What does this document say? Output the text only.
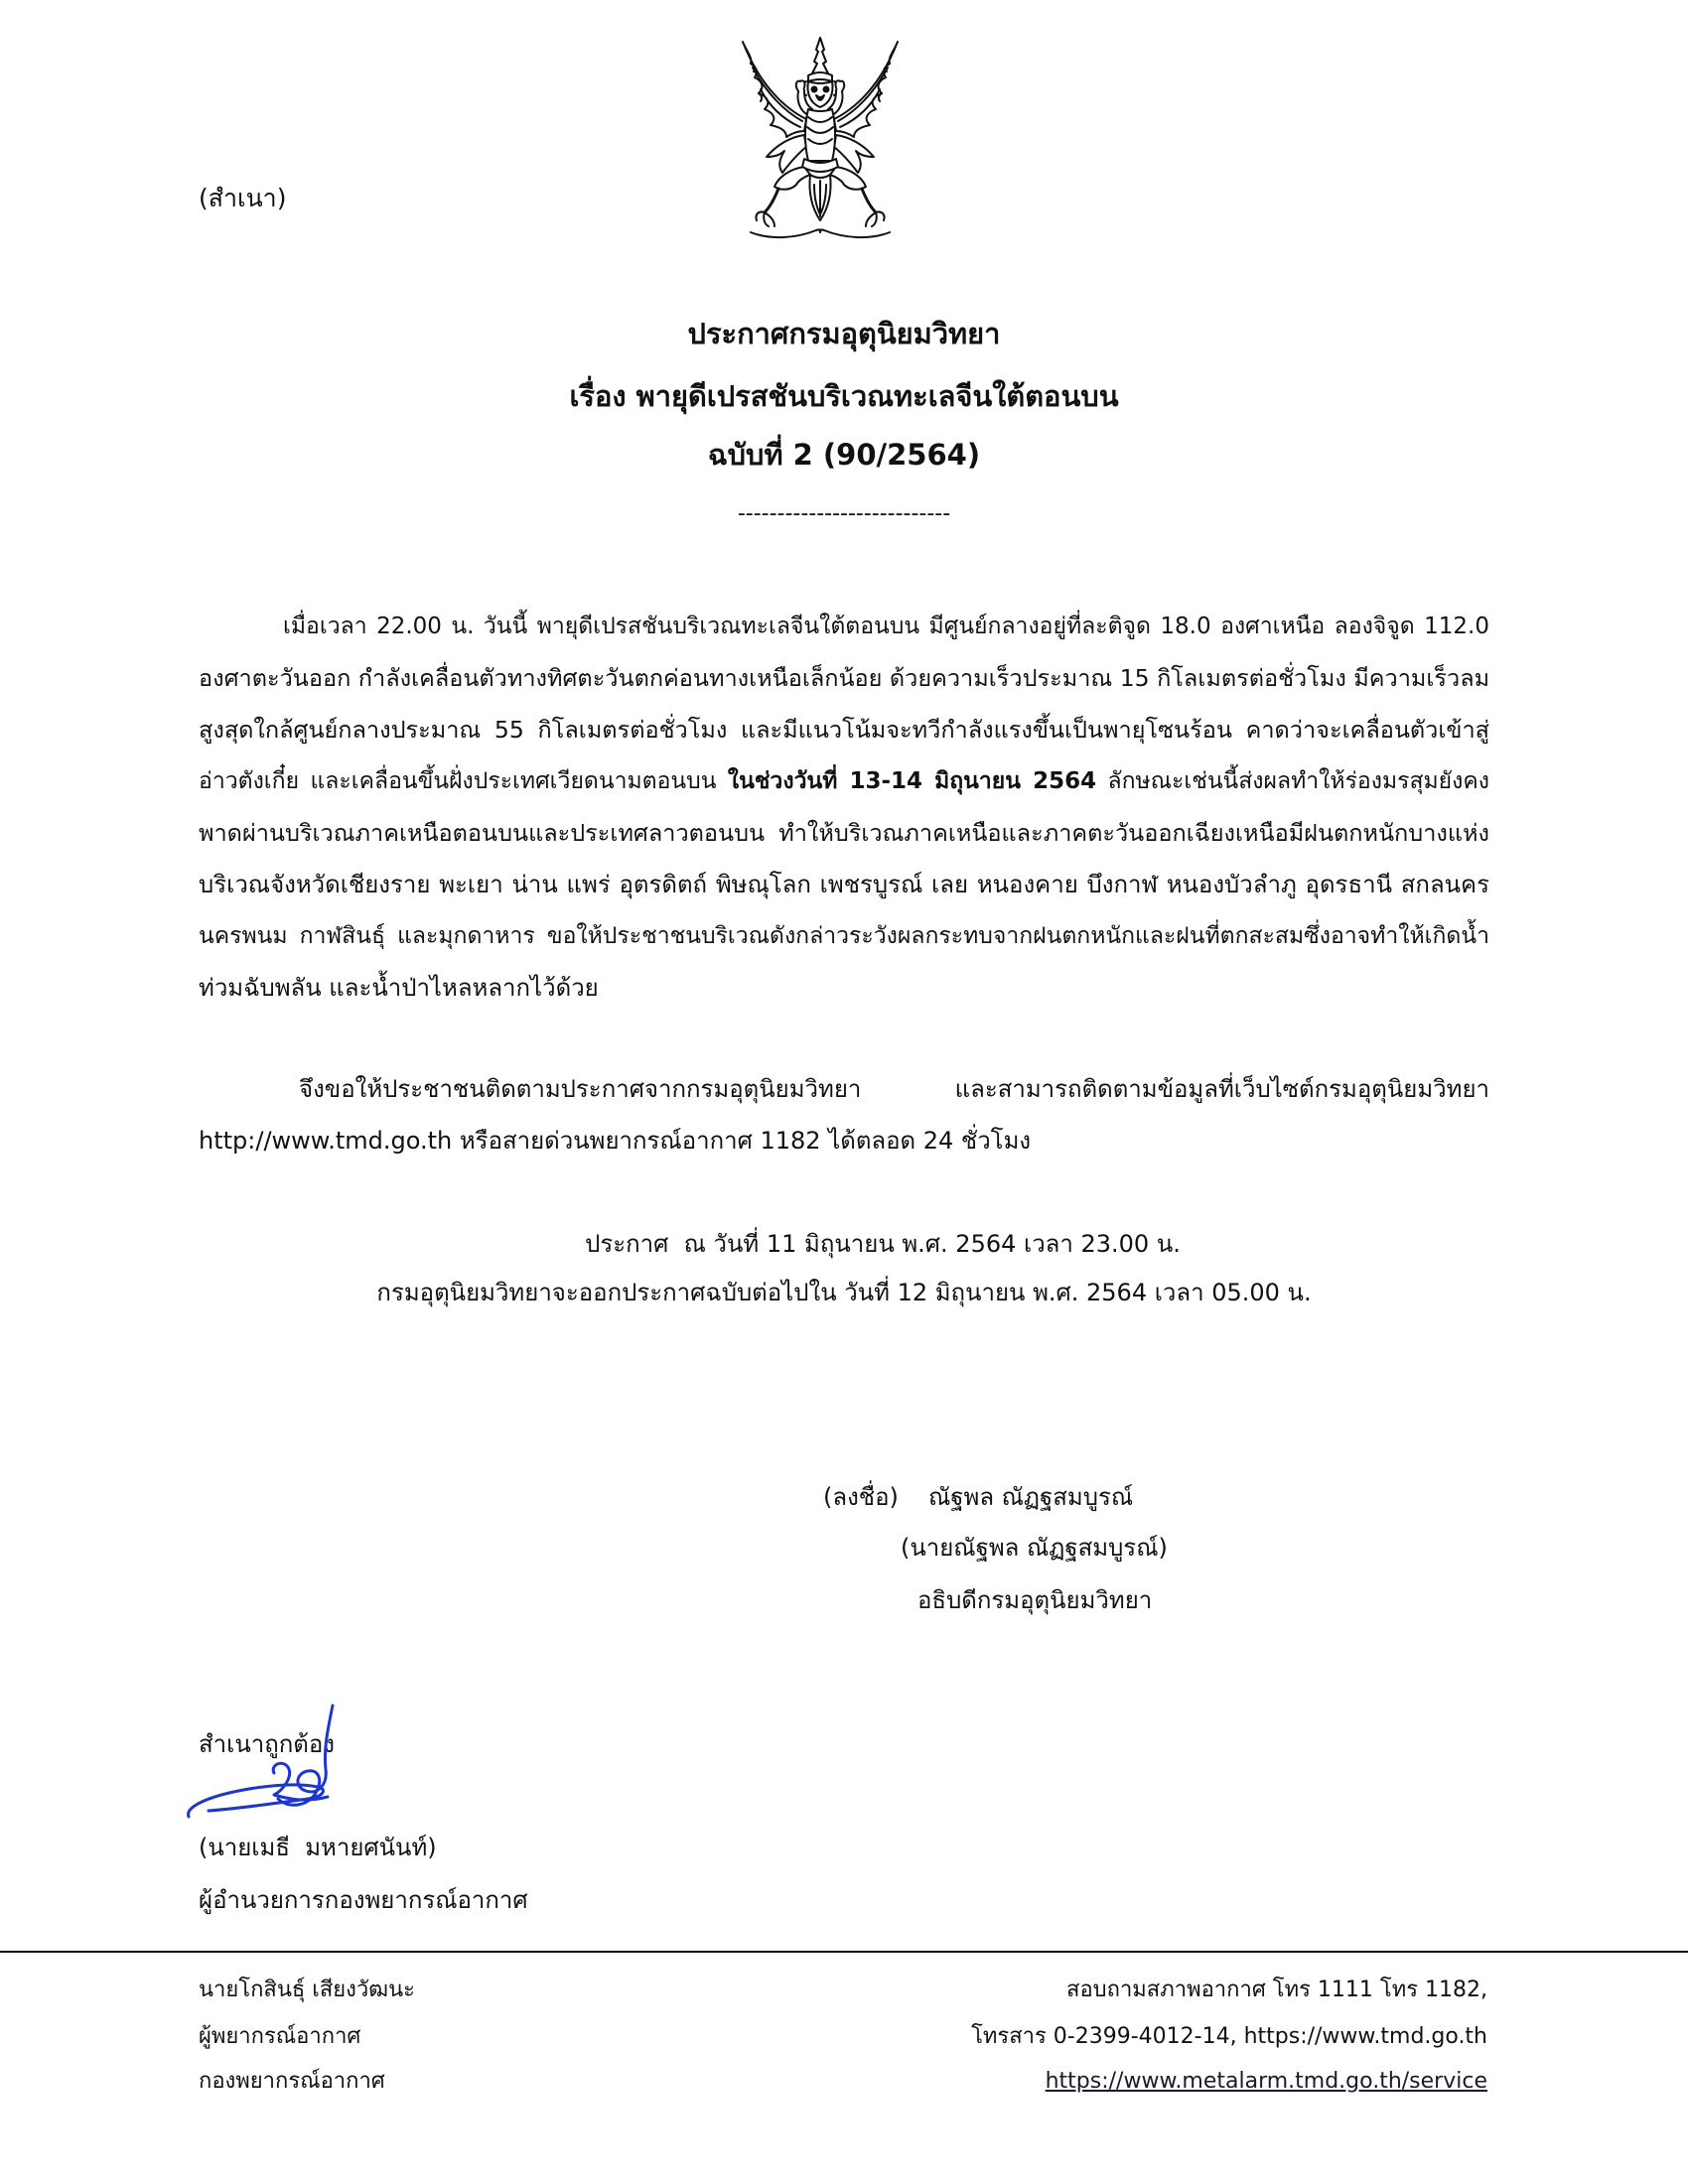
(สำเนา)
ประกาศกรมอุตุนิยมวิทยา
เรื่อง พายุดีเปรสชันบริเวณทะเลจีนใต้ตอนบน
ฉบับที่ 2 (90/2564)
---------------------------
เมื่อเวลา 22.00 น. วันนี้ พายุดีเปรสชันบริเวณทะเลจีนใต้ตอนบน มีศูนย์กลางอยู่ที่ละติจูด 18.0 องศาเหนือ ลองจิจูด 112.0
องศาตะวันออก กำลังเคลื่อนตัวทางทิศตะวันตกค่อนทางเหนือเล็กน้อย ด้วยความเร็วประมาณ 15 กิโลเมตรต่อชั่วโมง มีความเร็วลม
สูงสุดใกล้ศูนย์กลางประมาณ 55 กิโลเมตรต่อชั่วโมง และมีแนวโน้มจะทวีกำลังแรงขึ้นเป็นพายุโซนร้อน คาดว่าจะเคลื่อนตัวเข้าสู่
อ่าวตังเกี๋ย และเคลื่อนขึ้นฝั่งประเทศเวียดนามตอนบน ในช่วงวันที่ 13-14 มิถุนายน 2564 ลักษณะเช่นนี้ส่งผลทำให้ร่องมรสุมยังคง
พาดผ่านบริเวณภาคเหนือตอนบนและประเทศลาวตอนบน ทำให้บริเวณภาคเหนือและภาคตะวันออกเฉียงเหนือมีฝนตกหนักบางแห่ง
บริเวณจังหวัดเชียงราย พะเยา น่าน แพร่ อุตรดิตถ์ พิษณุโลก เพชรบูรณ์ เลย หนองคาย บึงกาฬ หนองบัวลำภู อุดรธานี สกลนคร
นครพนม กาฬสินธุ์ และมุกดาหาร ขอให้ประชาชนบริเวณดังกล่าวระวังผลกระทบจากฝนตกหนักและฝนที่ตกสะสมซึ่งอาจทำให้เกิดน้ำ
ท่วมฉับพลัน และน้ำป่าไหลหลากไว้ด้วย
จึงขอให้ประชาชนติดตามประกาศจากกรมอุตุนิยมวิทยา และสามารถติดตามข้อมูลที่เว็บไซต์กรมอุตุนิยมวิทยา
http://www.tmd.go.th หรือสายด่วนพยากรณ์อากาศ 1182 ได้ตลอด 24 ชั่วโมง
ประกาศ  ณ วันที่ 11 มิถุนายน พ.ศ. 2564 เวลา 23.00 น.
กรมอุตุนิยมวิทยาจะออกประกาศฉบับต่อไปใน วันที่ 12 มิถุนายน พ.ศ. 2564 เวลา 05.00 น.
(ลงชื่อ) ณัฐพล ณัฏฐสมบูรณ์
(นายณัฐพล ณัฏฐสมบูรณ์)
อธิบดีกรมอุตุนิยมวิทยา
สำเนาถูกต้อง
(นายเมธี  มหายศนันท์)
ผู้อำนวยการกองพยากรณ์อากาศ
นายโกสินธุ์ เสียงวัฒนะ
ผู้พยากรณ์อากาศ
กองพยากรณ์อากาศ
สอบถามสภาพอากาศ โทร 1111 โทร 1182,
โทรสาร 0-2399-4012-14, https://www.tmd.go.th
https://www.metalarm.tmd.go.th/service
